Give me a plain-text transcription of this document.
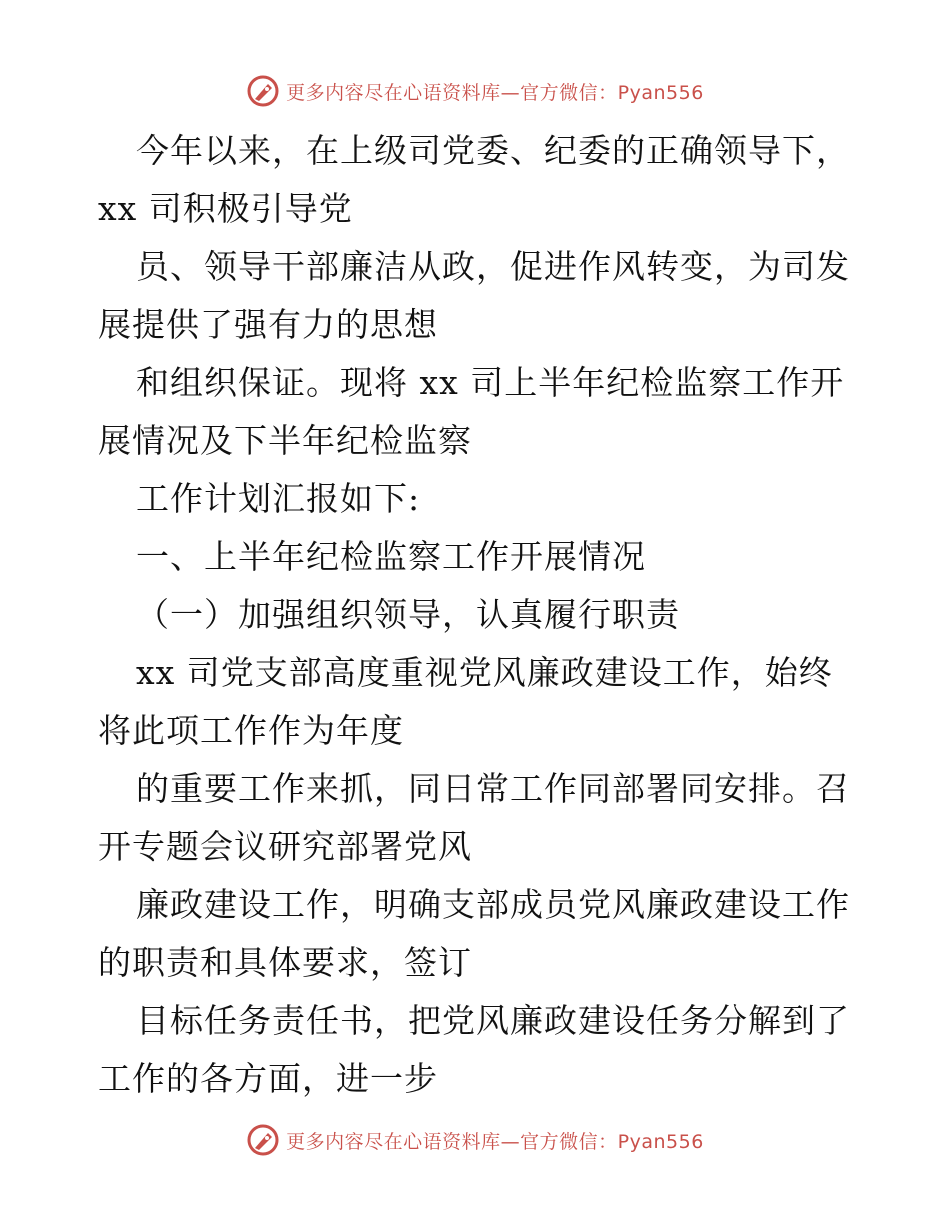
更多内容尽在心语资料库—官方微信：Pyan556
今年以来，在上级司党委、纪委的正确领导下，
xx 司积极引导党
员、领导干部廉洁从政，促进作风转变，为司发
展提供了强有力的思想
和组织保证。现将 xx 司上半年纪检监察工作开
展情况及下半年纪检监察
工作计划汇报如下:
一、上半年纪检监察工作开展情况
（一）加强组织领导，认真履行职责
xx 司党支部高度重视党风廉政建设工作，始终
将此项工作作为年度
的重要工作来抓，同日常工作同部署同安排。召
开专题会议研究部署党风
廉政建设工作，明确支部成员党风廉政建设工作
的职责和具体要求，签订
目标任务责任书，把党风廉政建设任务分解到了
工作的各方面，进一步
更多内容尽在心语资料库—官方微信：Pyan556
